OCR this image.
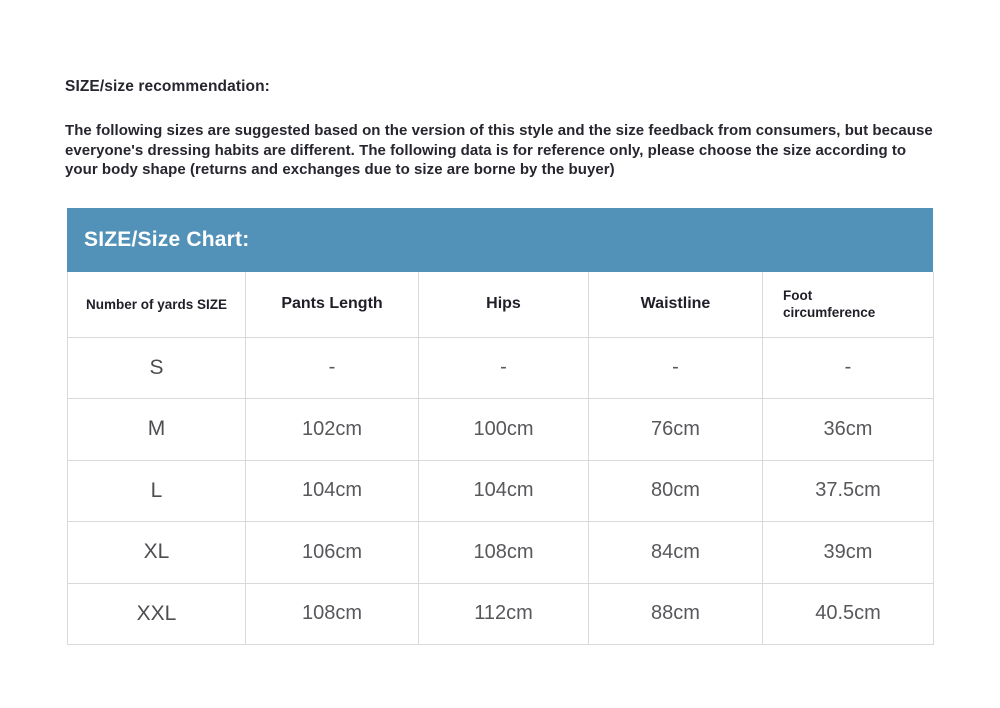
SIZE/size recommendation:
The following sizes are suggested based on the version of this style and the size feedback from consumers, but because everyone's dressing habits are different. The following data is for reference only, please choose the size according to your body shape (returns and exchanges due to size are borne by the buyer)
SIZE/Size Chart:
Number of yards SIZE	Pants Length	Hips	Waistline	Foot circumference
S	-	-	-	-
M	102cm	100cm	76cm	36cm
L	104cm	104cm	80cm	37.5cm
XL	106cm	108cm	84cm	39cm
XXL	108cm	112cm	88cm	40.5cm
